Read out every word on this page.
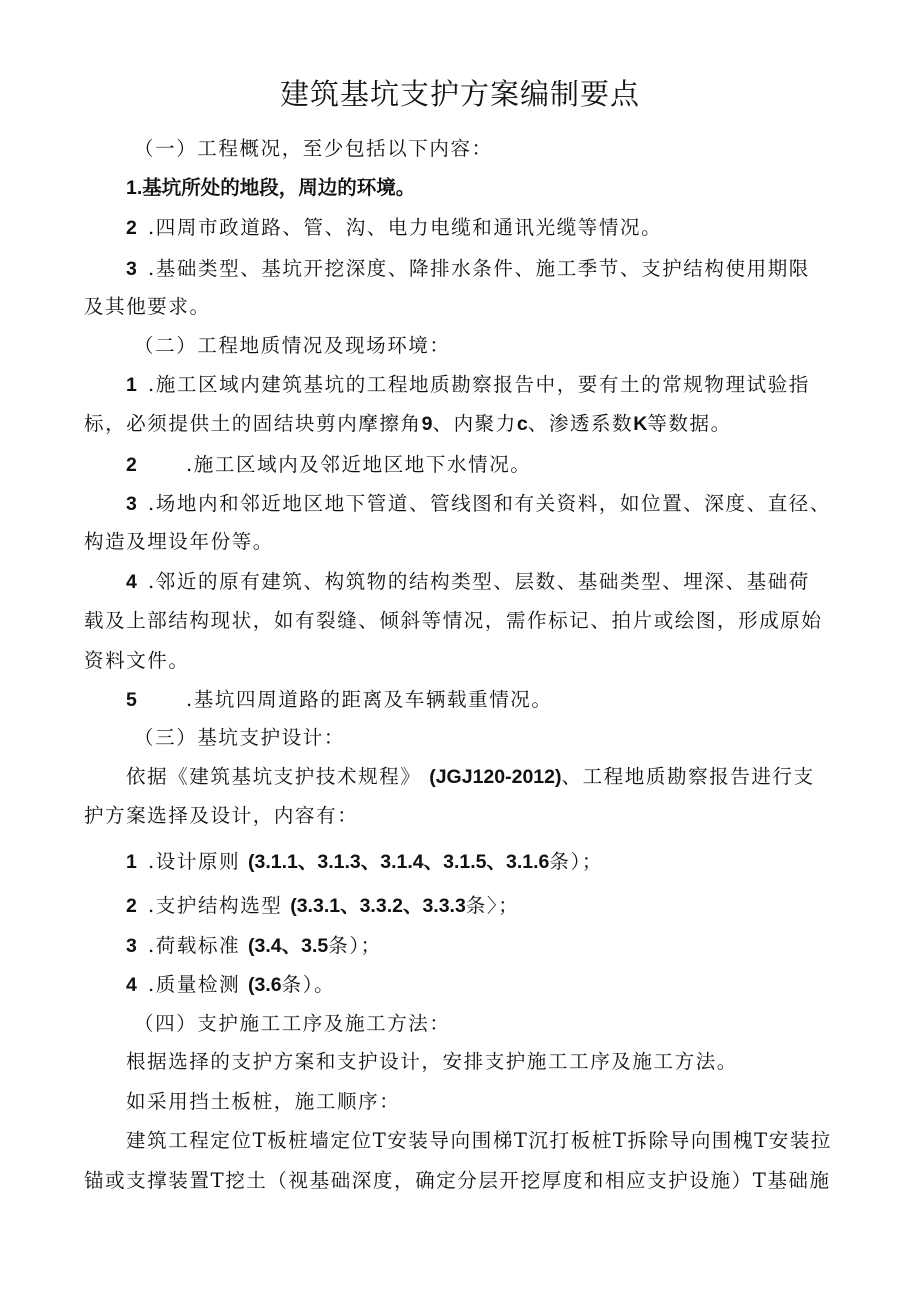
建筑基坑支护方案编制要点
（一）工程概况，至少包括以下内容：
1.基坑所处的地段，周边的环境。
2 .四周市政道路、管、沟、电力电缆和通讯光缆等情况。
3 .基础类型、基坑开挖深度、降排水条件、施工季节、支护结构使用期限
及其他要求。
（二）工程地质情况及现场环境：
1 .施工区域内建筑基坑的工程地质勘察报告中，要有土的常规物理试验指
标，必须提供土的固结块剪内摩擦角9、内聚力c、渗透系数K等数据。
2 .施工区域内及邻近地区地下水情况。
3 .场地内和邻近地区地下管道、管线图和有关资料，如位置、深度、直径、
构造及埋设年份等。
4 .邻近的原有建筑、构筑物的结构类型、层数、基础类型、埋深、基础荷
载及上部结构现状，如有裂缝、倾斜等情况，需作标记、拍片或绘图，形成原始
资料文件。
5 .基坑四周道路的距离及车辆载重情况。
（三）基坑支护设计：
依据《建筑基坑支护技术规程》 (JGJ120-2012)、工程地质勘察报告进行支
护方案选择及设计，内容有：
1 .设计原则 (3.1.1、3.1.3、3.1.4、3.1.5、3.1.6条）；
2 .支护结构选型 (3.3.1、3.3.2、3.3.3条〉；
3 .荷载标准 (3.4、3.5条）；
4 .质量检测 (3.6条）。
（四）支护施工工序及施工方法：
根据选择的支护方案和支护设计，安排支护施工工序及施工方法。
如采用挡土板桩，施工顺序：
建筑工程定位T板桩墙定位T安装导向围梯T沉打板桩T拆除导向围槐T安装拉
锚或支撑装置T挖土（视基础深度，确定分层开挖厚度和相应支护设施）T基础施
